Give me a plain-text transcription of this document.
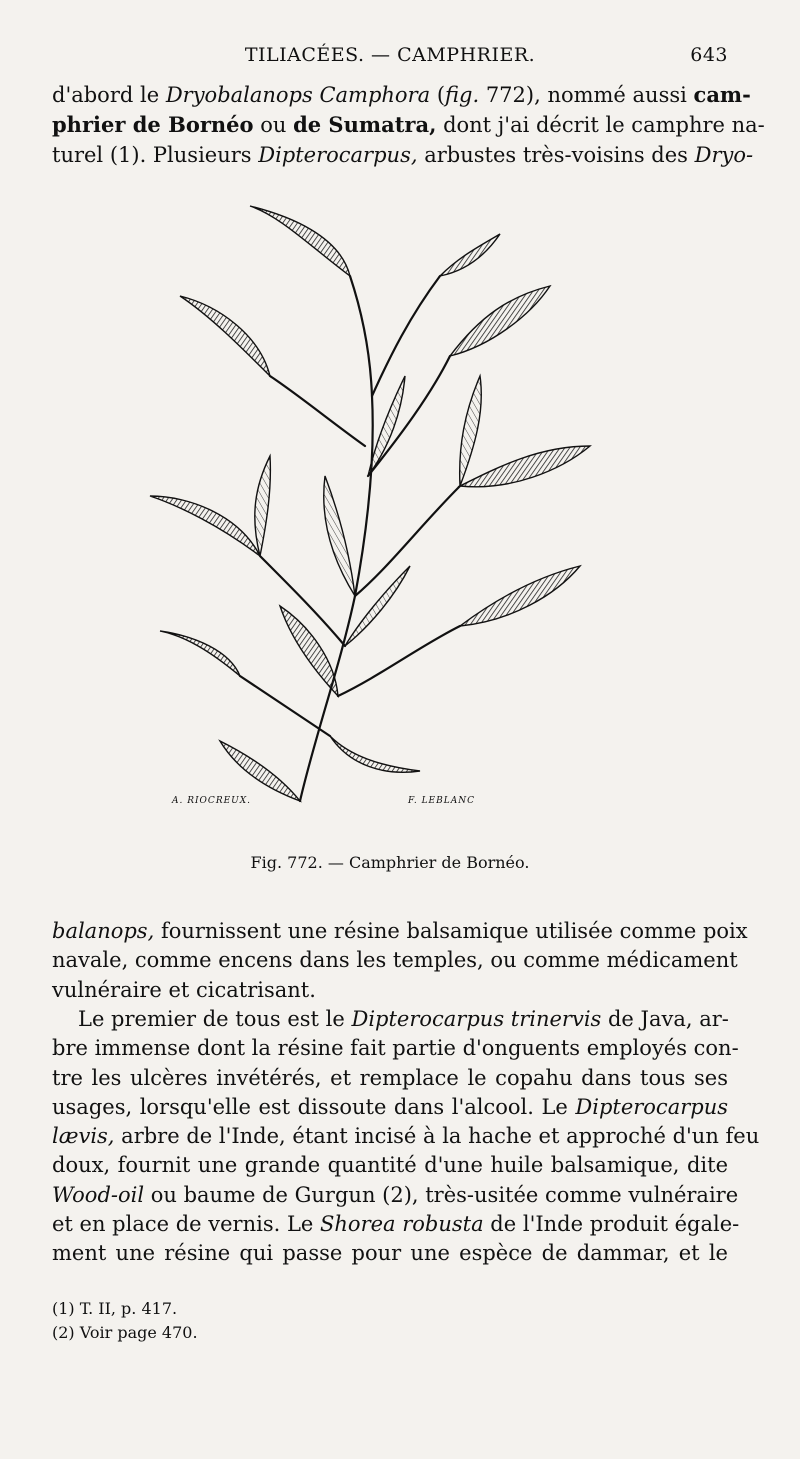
TILIACÉES. — CAMPHRIER.	643
d'abord le Dryobalanops Camphora (fig. 772), nommé aussi cam-
phrier de Bornéo ou de Sumatra, dont j'ai décrit le camphre na-
turel (1). Plusieurs Dipterocarpus, arbustes très-voisins des Dryo-
A. RIOCREUX.	F. LEBLANC
Fig. 772. — Camphrier de Bornéo.
balanops, fournissent une résine balsamique utilisée comme poix
navale, comme encens dans les temples, ou comme médicament
vulnéraire et cicatrisant.
Le premier de tous est le Dipterocarpus trinervis de Java, ar-
bre immense dont la résine fait partie d'onguents employés con-
tre les ulcères invétérés, et remplace le copahu dans tous ses
usages, lorsqu'elle est dissoute dans l'alcool. Le Dipterocarpus
lævis, arbre de l'Inde, étant incisé à la hache et approché d'un feu
doux, fournit une grande quantité d'une huile balsamique, dite
Wood-oil ou baume de Gurgun (2), très-usitée comme vulnéraire
et en place de vernis. Le Shorea robusta de l'Inde produit égale-
ment une résine qui passe pour une espèce de dammar, et le
(1) T. II, p. 417.
(2) Voir page 470.
